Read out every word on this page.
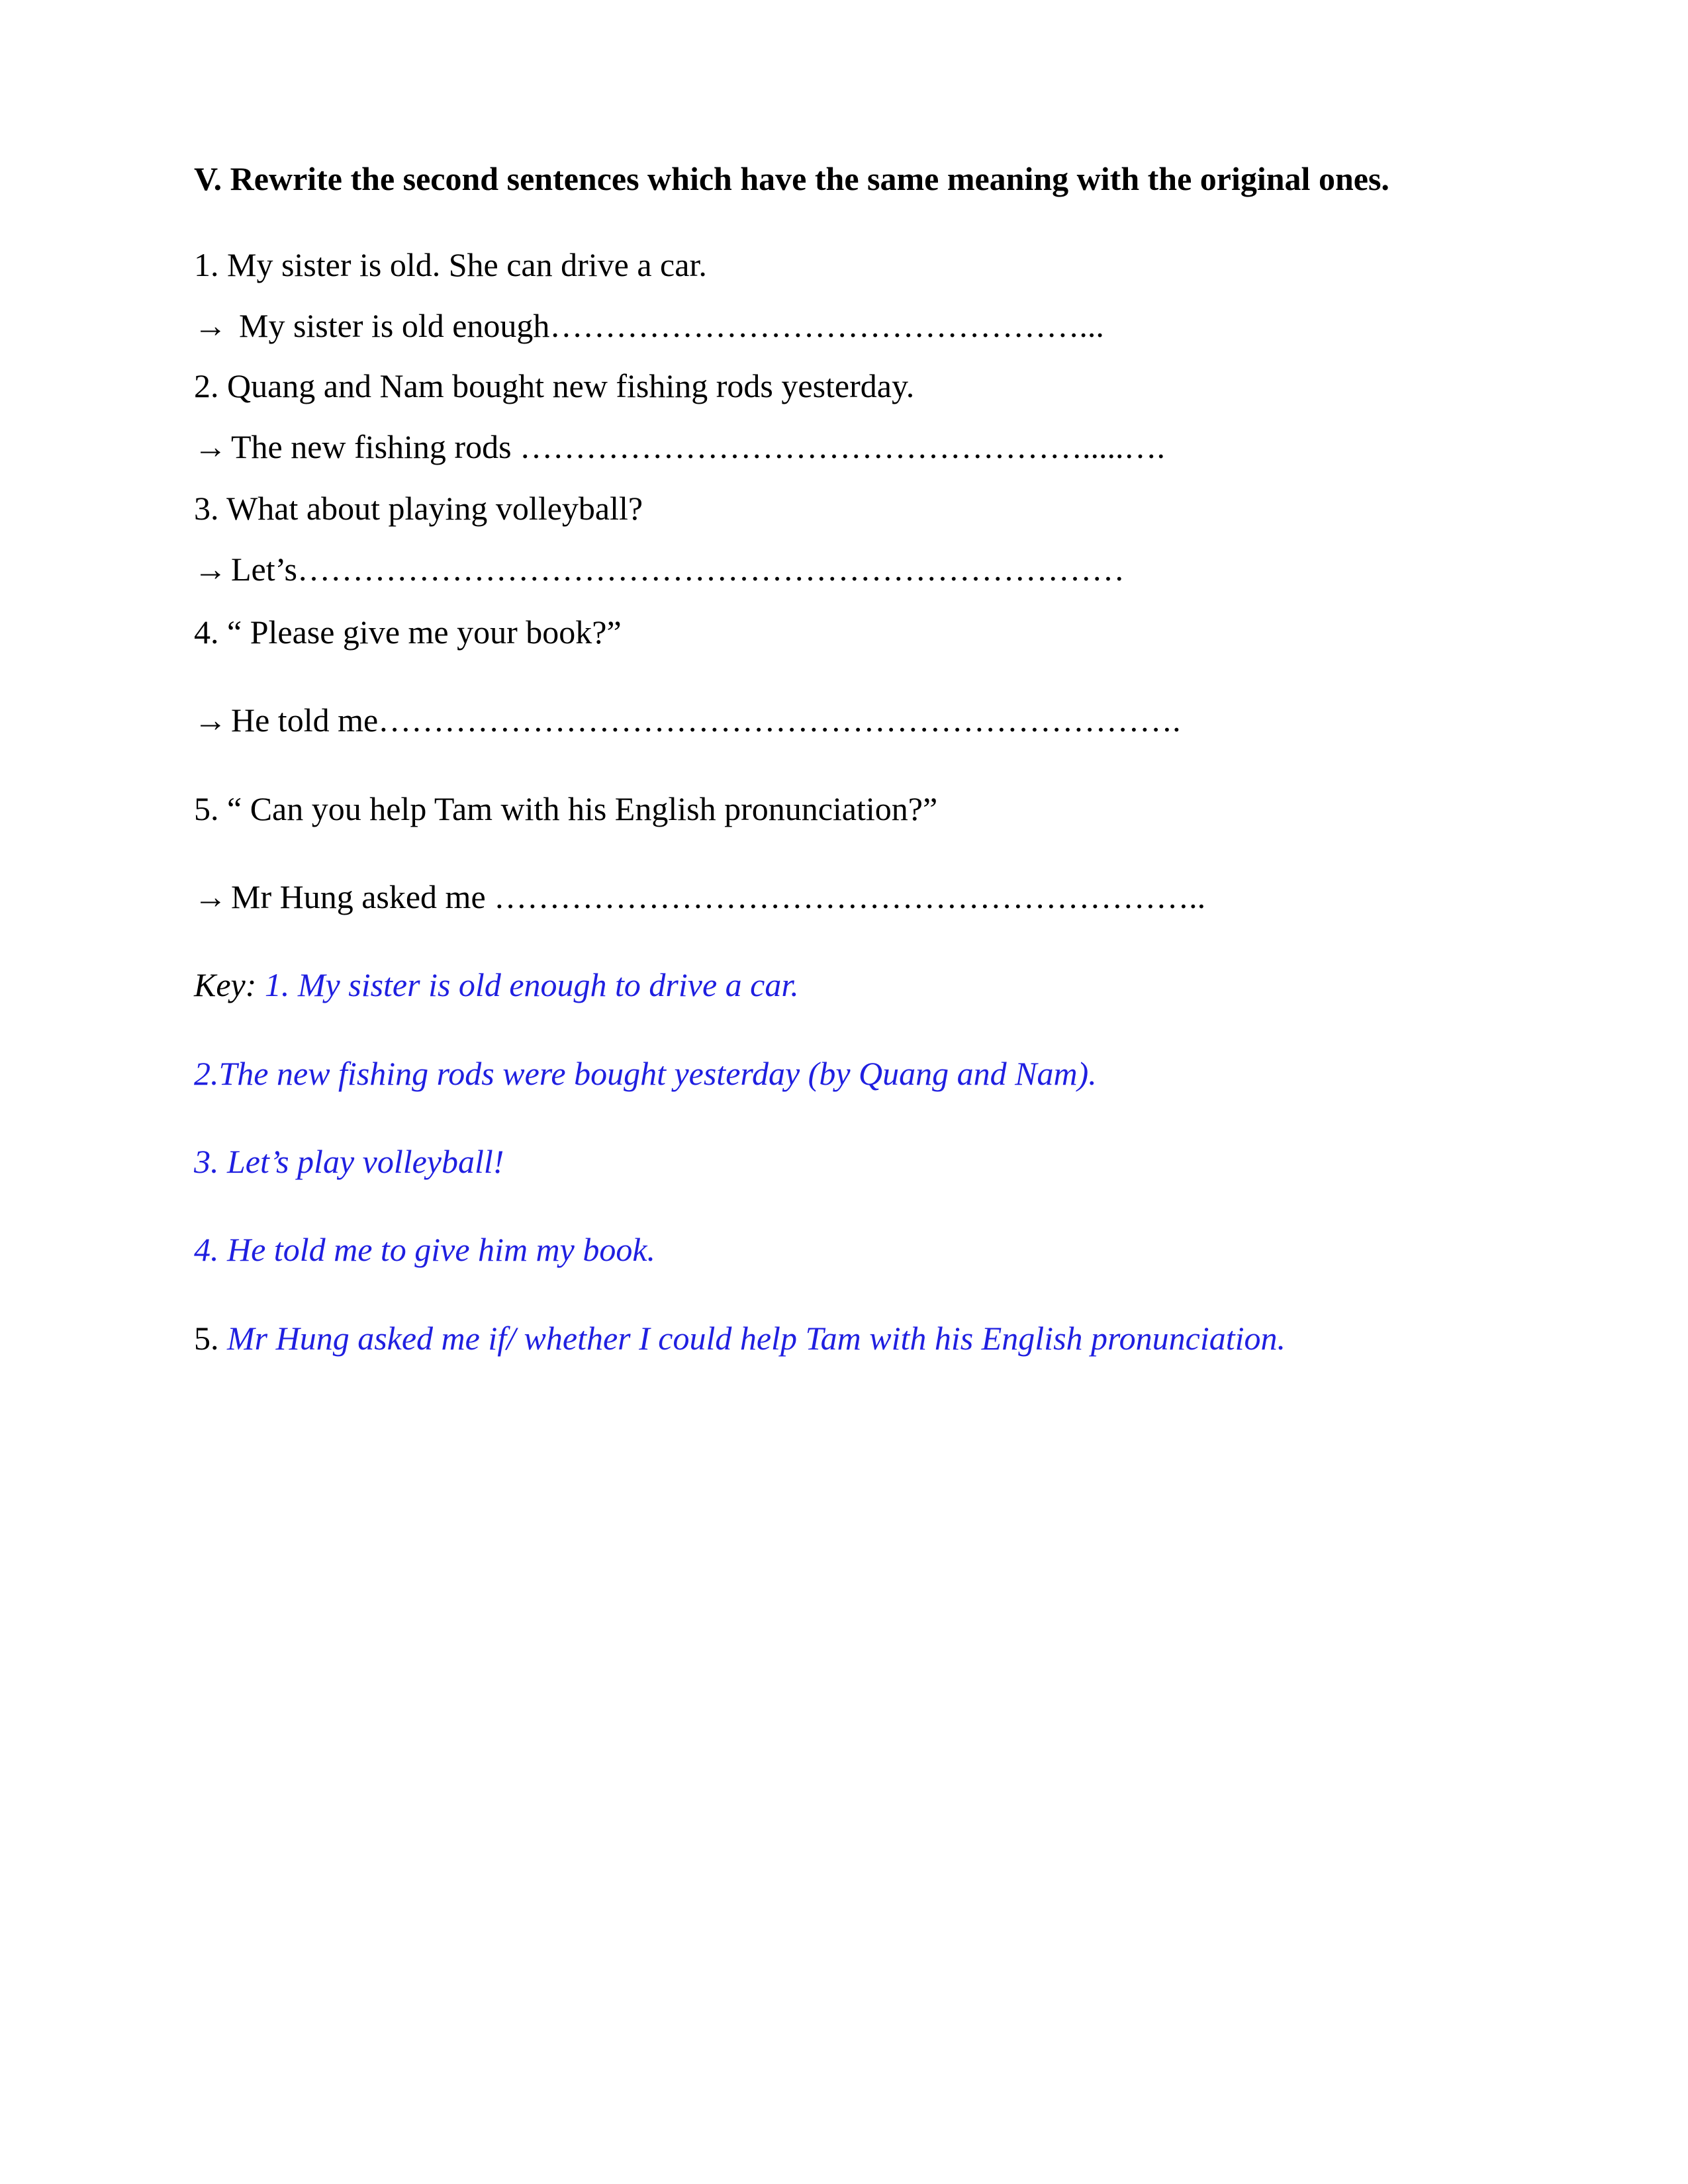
V. Rewrite the second sentences which have the same meaning with the original ones.
1. My sister is old. She can drive a car.
→ My sister is old enough…………………………………………...
2. Quang and Nam bought new fishing rods yesterday.
→ The new fishing rods …………………………………………….....….
3. What about playing volleyball?
→ Let’s…………………………………………………………………
4. “ Please give me your book?”
→ He told me……………………………………………………………….
5. “ Can you help Tam with his English pronunciation?”
→ Mr Hung asked me ………………………………………………………..
Key: 1. My sister is old enough to drive a car.
2.The new fishing rods were bought yesterday (by Quang and Nam).
3. Let’s play volleyball!
4. He told me to give him my book.
5. Mr Hung asked me if/ whether I could help Tam with his English pronunciation.
